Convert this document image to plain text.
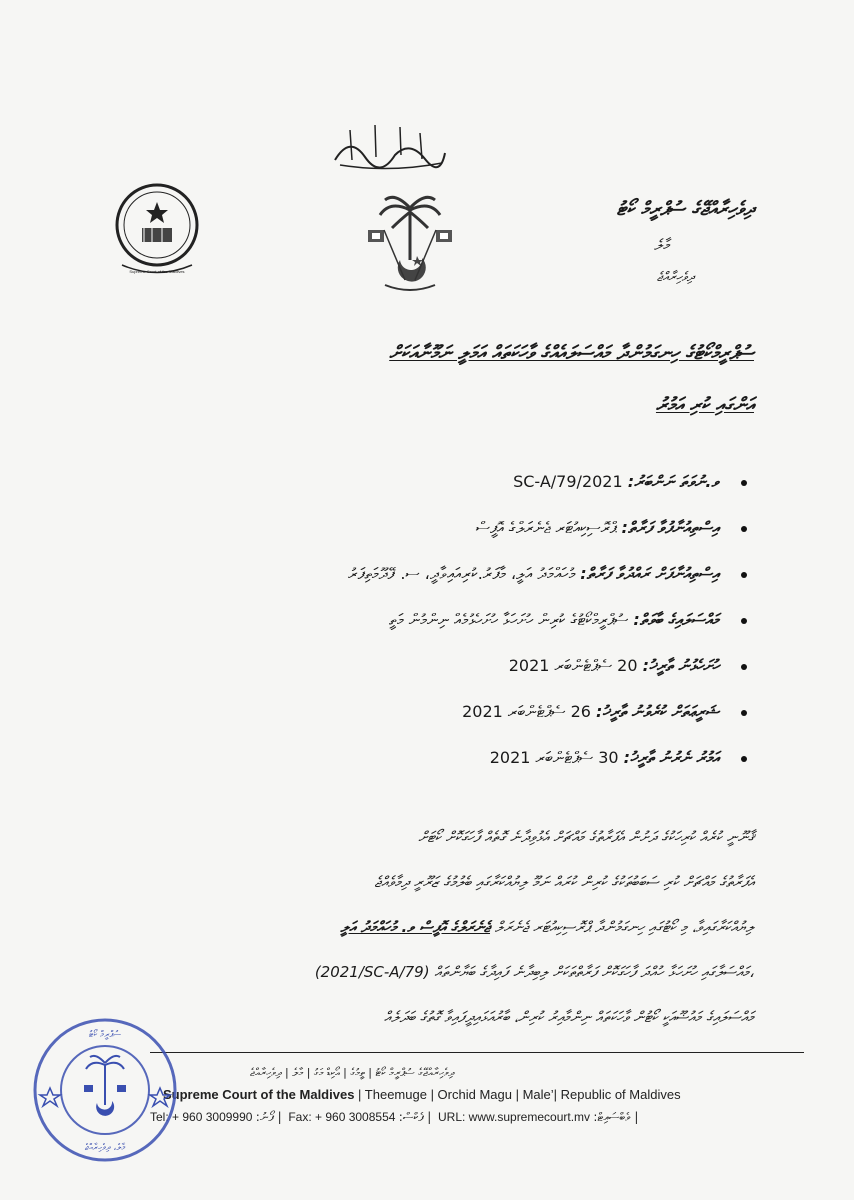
Supreme Court of the Maldives
ދިވެހިރާއްޖޭގެ ސުޕްރީމް ކޯޓު
މާލެ
ދިވެހިރާއްޖެ
ސުޕްރީމްކޯޓުގެ ހިނގަމުންދާ މައްސަލައެއްގެ ވާހަކަތައް އަމަލީ ނަމޫނާއަކަށް
އަންގައި ކުރި އަމުރު
ވ.ނުވަތަ ނަންބަރު: 2021/SC-A/79
އިސްތިއުނާފުވާ ފަރާތް: ޕްރޮސިކިއުޓަރ ޖެނެރަލްގެ އޮފީސް
އިސްތިއުނާފަށް ރައްދުވާ ފަރާތް: މުހައްމަދު އަލީ، މާފަރު.ކުރިއައިވާދީ، ސ. ފޭދޫމަތިފަރު
މައްސަލައިގެ ބާވަތް: ސުޕްރީމްކޯޓުގެ ކުރިން ހުށަހަޅާ ހުށަހެޅުމެއް ނިންމުން މަތީ
ހުށަހެޅުނު ތާރީޚު: 20 ސެޕްޓެންބަރ 2021
ޝަރީޢަތަށް ކުރެވުނު ތާރީޚު: 26 ސެޕްޓެންބަރ 2021
އަމުރު ނެރުނު ތާރީޚު: 30 ސެޕްޓެންބަރ 2021
ޤާނޫނީ ކުރެއް ކުރިހަކުގެ ދަށުން އެފަރާތުގެ މައްޗަށް އެޅުވިދާނެ ގޮތެއް ފާހަގަކޮށް ކޯޓަށް
އެފަރާތުގެ މައްޗަށް ކުރި ސަބަބުތަކުގެ ކުރިން ކުރައް ނަމޫ ލިޔުއްކަރާގައި ބެލުމުގެ ޒަރޫރީ ދިމާވެއްޖެ
ލިޔުއްކަރާގައިވާ، މި ކޯޓުގައި ހިނގަމުންދާ ޕްރޮސިކިއުޓަރ ޖެނެރަލް ޖެނެރަލްގެ އޮފީސް ވ. މުހައްމަދު އަލީ
(2021/SC-A/79) މައްސަލާގައި ހުށަހަޅާ ހުއްދަ ފާހަގަކޮށް ފަރާތްތަކަށް ލިބިދާނެ ފައިދާގެ ބަޔާންތައް،
މައްސަލައިގެ މައުޟޫއަކީ ކޯޓުން ވާހަކަތައް ނިންމާއިރު ކުރިން، ބާރުއަޅައިދީފައިވާ ގޮތުގެ ބަދަލެއް
ދިވެހިރާއްޖޭގެ ސުޕްރީމް ކޯޓު | ތީމުގެ | އޯކިޑް މަގު | މާލެ | ދިވެހިރާއްޖެ
Supreme Court of the Maldives | Theemuge | Orchid Magu | Male’| Republic of Maldives
Tel: + 960 3009990 | ފޯނު: Fax: + 960 3008554 | ފެކްސް: URL: www.supremecourt.mv | ވެބްސައިޓް:
ސުޕްރީމް ކޯޓު
މާލެ، ދިވެހިރާއްޖެ
